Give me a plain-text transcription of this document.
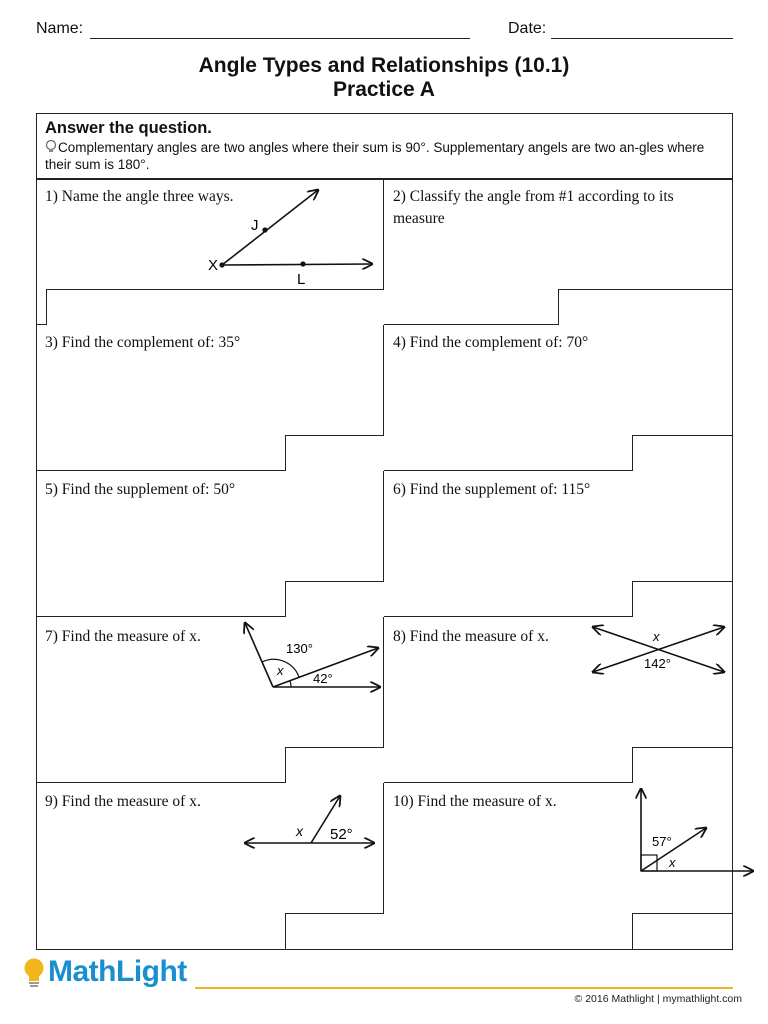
Name:	Date:
Angle Types and Relationships (10.1)
Practice A
Answer the question.
Complementary angles are two angles where their sum is 90°. Supplementary angels are two an-gles where their sum is 180°.
1) Name the angle three ways.	2) Classify the angle from #1 according to its measure
3) Find the complement of: 35°	4) Find the complement of: 70°
5) Find the supplement of: 50°	6) Find the supplement of: 115°
7) Find the measure of x.	8) Find the measure of x.
9) Find the measure of x.	10) Find the measure of x.
J
X
L
130°
42°
x
x
142°
x 52°	57°
x
MathLight
© 2016 Mathlight | mymathlight.com
